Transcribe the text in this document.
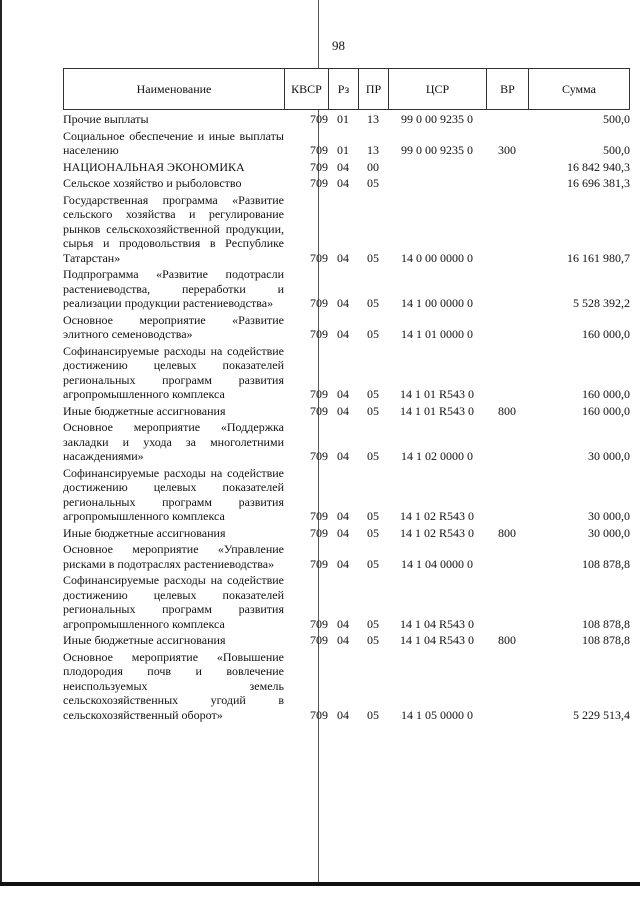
98
Наименование	КВСР	Рз	ПР	ЦСР	ВР	Сумма
Прочие выплаты	709	01	13	99 0 00 9235 0		500,0
Социальное обеспечение и иные выплаты населению	709	01	13	99 0 00 9235 0	300	500,0
НАЦИОНАЛЬНАЯ ЭКОНОМИКА	709	04	00			16 842 940,3
Сельское хозяйство и рыболовство	709	04	05			16 696 381,3
Государственная программа «Развитие сельского хозяйства и регулирование рынков сельскохозяйственной продукции, сырья и продовольствия в Республике Татарстан»	709	04	05	14 0 00 0000 0		16 161 980,7
Подпрограмма «Развитие подотрасли растениеводства, переработки и реализации продукции растениеводства»	709	04	05	14 1 00 0000 0		5 528 392,2
Основное мероприятие «Развитие элитного семеноводства»	709	04	05	14 1 01 0000 0		160 000,0
Софинансируемые расходы на содействие достижению целевых показателей региональных программ развития агропромышленного комплекса	709	04	05	14 1 01 R543 0		160 000,0
Иные бюджетные ассигнования	709	04	05	14 1 01 R543 0	800	160 000,0
Основное мероприятие «Поддержка закладки и ухода за многолетними насаждениями»	709	04	05	14 1 02 0000 0		30 000,0
Софинансируемые расходы на содействие достижению целевых показателей региональных программ развития агропромышленного комплекса	709	04	05	14 1 02 R543 0		30 000,0
Иные бюджетные ассигнования	709	04	05	14 1 02 R543 0	800	30 000,0
Основное мероприятие «Управление рисками в подотраслях растениеводства»	709	04	05	14 1 04 0000 0		108 878,8
Софинансируемые расходы на содействие достижению целевых показателей региональных программ развития агропромышленного комплекса	709	04	05	14 1 04 R543 0		108 878,8
Иные бюджетные ассигнования	709	04	05	14 1 04 R543 0	800	108 878,8
Основное мероприятие «Повышение плодородия почв и вовлечение неиспользуемых земель сельскохозяйственных угодий в сельскохозяйственный оборот»	709	04	05	14 1 05 0000 0		5 229 513,4
